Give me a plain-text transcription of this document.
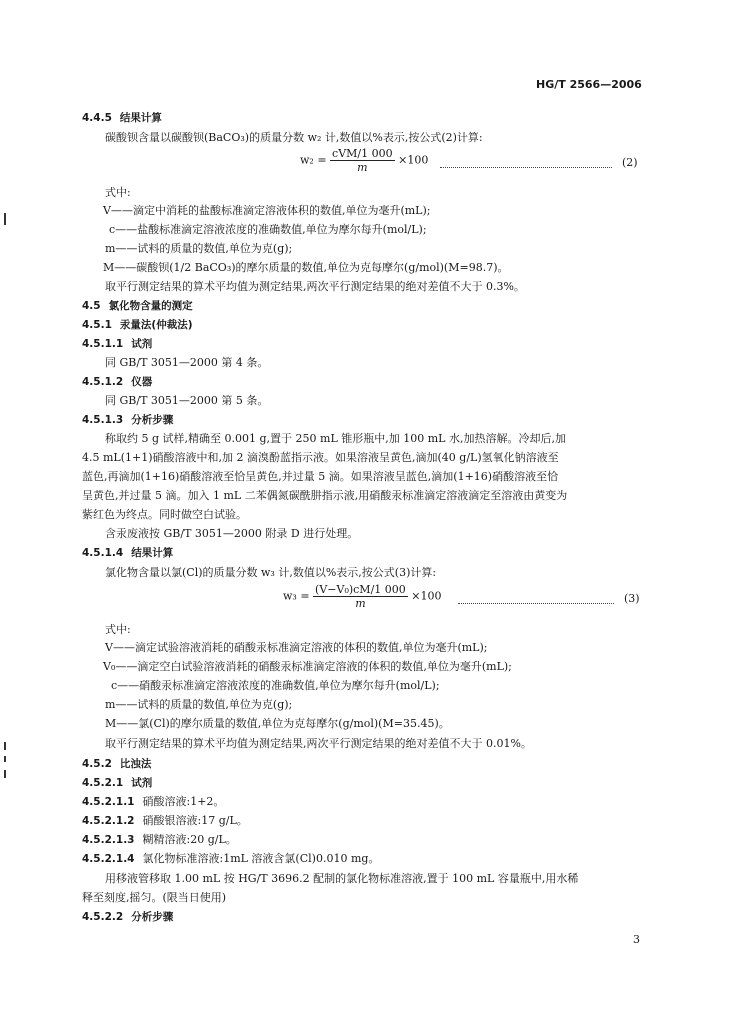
HG/T 2566—2006
4.4.5 结果计算
碳酸钡含量以碳酸钡(BaCO₃)的质量分数 w₂ 计,数值以%表示,按公式(2)计算:
$w_2 = \frac{\text{cVM/1 000}}{m} \times 100$	(2)
式中:
V——滴定中消耗的盐酸标准滴定溶液体积的数值,单位为毫升(mL);
c——盐酸标准滴定溶液浓度的准确数值,单位为摩尔每升(mol/L);
m——试料的质量的数值,单位为克(g);
M——碳酸钡(1/2 BaCO₃)的摩尔质量的数值,单位为克每摩尔(g/mol)(M=98.7)。
取平行测定结果的算术平均值为测定结果,两次平行测定结果的绝对差值不大于 0.3%。
4.5 氯化物含量的测定
4.5.1 汞量法(仲裁法)
4.5.1.1 试剂
同 GB/T 3051—2000 第 4 条。
4.5.1.2 仪器
同 GB/T 3051—2000 第 5 条。
4.5.1.3 分析步骤
称取约 5 g 试样,精确至 0.001 g,置于 250 mL 锥形瓶中,加 100 mL 水,加热溶解。冷却后,加
4.5 mL(1+1)硝酸溶液中和,加 2 滴溴酚蓝指示液。如果溶液呈黄色,滴加(40 g/L)氢氧化钠溶液至
蓝色,再滴加(1+16)硝酸溶液至恰呈黄色,并过量 5 滴。如果溶液呈蓝色,滴加(1+16)硝酸溶液至恰
呈黄色,并过量 5 滴。加入 1 mL 二苯偶氮碳酰肼指示液,用硝酸汞标准滴定溶液滴定至溶液由黄变为
紫红色为终点。同时做空白试验。
含汞废液按 GB/T 3051—2000 附录 D 进行处理。
4.5.1.4 结果计算
氯化物含量以氯(Cl)的质量分数 w₃ 计,数值以%表示,按公式(3)计算:
$w_3 = \frac{\text{(V−V₀)cM/1 000}}{m} \times 100$	(3)
式中:
V——滴定试验溶液消耗的硝酸汞标准滴定溶液的体积的数值,单位为毫升(mL);
V₀——滴定空白试验溶液消耗的硝酸汞标准滴定溶液的体积的数值,单位为毫升(mL);
c——硝酸汞标准滴定溶液浓度的准确数值,单位为摩尔每升(mol/L);
m——试料的质量的数值,单位为克(g);
M——氯(Cl)的摩尔质量的数值,单位为克每摩尔(g/mol)(M=35.45)。
取平行测定结果的算术平均值为测定结果,两次平行测定结果的绝对差值不大于 0.01%。
4.5.2 比浊法
4.5.2.1 试剂
4.5.2.1.1 硝酸溶液:1+2。
4.5.2.1.2 硝酸银溶液:17 g/L。
4.5.2.1.3 糊精溶液:20 g/L。
4.5.2.1.4 氯化物标准溶液:1mL 溶液含氯(Cl)0.010 mg。
用移液管移取 1.00 mL 按 HG/T 3696.2 配制的氯化物标准溶液,置于 100 mL 容量瓶中,用水稀
释至刻度,摇匀。(限当日使用)
4.5.2.2 分析步骤
3
